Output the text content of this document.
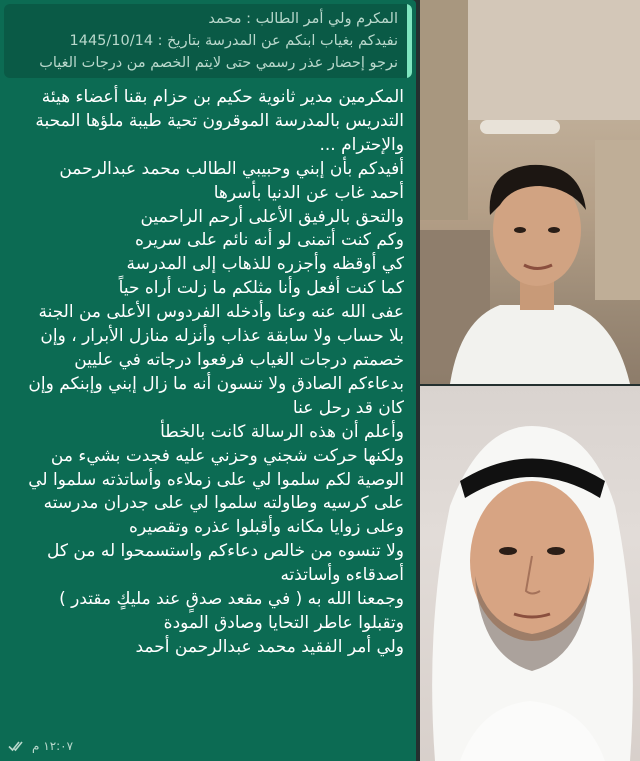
المكرم ولي أمر الطالب : محمد
نفيدكم بغياب ابنكم عن المدرسة بتاريخ : 1445/10/14
نرجو إحضار عذر رسمي حتى لايتم الخصم من درجات الغياب
المكرمين مدير ثانوية حكيم بن حزام بقنا أعضاء هيئة
التدريس بالمدرسة الموقرون تحية طيبة ملؤها المحبة
والإحترام ...
أفيدكم بأن إبني وحبيبي الطالب محمد عبدالرحمن
أحمد غاب عن الدنيا بأسرها
والتحق بالرفيق الأعلى أرحم الراحمين
وكم كنت أتمنى لو أنه نائم على سريره
كي أوقظه وأجزره للذهاب إلى المدرسة
كما كنت أفعل وأنا مثلكم ما زلت أراه حياً
عفى الله عنه وعنا وأدخله الفردوس الأعلى من الجنة
بلا حساب ولا سابقة عذاب وأنزله منازل الأبرار ، وإن
خصمتم درجات الغياب فرفعوا درجاته في عليين
بدعاءكم الصادق ولا تنسون أنه ما زال إبني وإبنكم وإن
كان قد رحل عنا
وأعلم أن هذه الرسالة كانت بالخطأ
ولكنها حركت شجني وحزني عليه فجدت بشيء من
الوصية لكم سلموا لي على زملاءه وأساتذته سلموا لي
على كرسيه وطاولته سلموا لي على جدران مدرسته
وعلى زوايا مكانه وأقبلوا عذره وتقصيره
ولا تنسوه من خالص دعاءكم واستسمحوا له من كل
أصدقاءه وأساتذته
وجمعنا الله به ( في مقعد صدقٍ عند مليكٍ مقتدر )
وتقبلوا عاطر التحايا وصادق المودة
ولي أمر الفقيد محمد عبدالرحمن أحمد
١٢:٠٧ م
